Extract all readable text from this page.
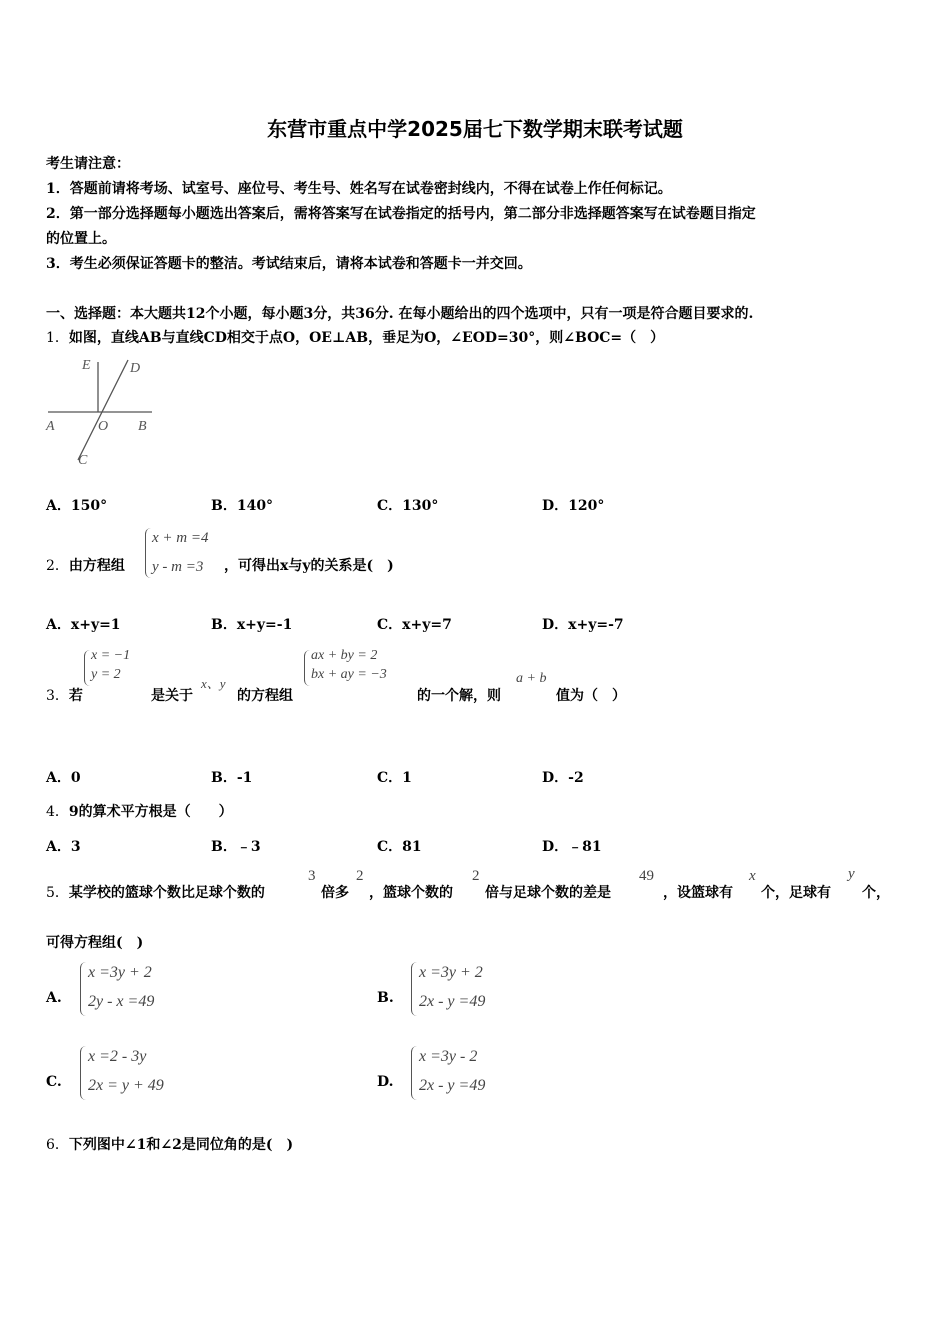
东营市重点中学2025届七下数学期末联考试题
考生请注意：
1．答题前请将考场、试室号、座位号、考生号、姓名写在试卷密封线内，不得在试卷上作任何标记。
2．第一部分选择题每小题选出答案后，需将答案写在试卷指定的括号内，第二部分非选择题答案写在试卷题目指定
的位置上。
3．考生必须保证答题卡的整洁。考试结束后，请将本试卷和答题卡一并交回。
一、选择题：本大题共12个小题，每小题3分，共36分. 在每小题给出的四个选项中，只有一项是符合题目要求的.
1．如图，直线AB与直线CD相交于点O，OE⊥AB，垂足为O，∠EOD=30°，则∠BOC=（　）
E	D
A	O B
C
A．150°	B．140°	C．130°	D．120°
2．由方程组
x + m =4
y - m =3 ，可得出x与y的关系是(　)
A．x+y=1	B．x+y=-1	C．x+y=7	D．x+y=-7
3．若
x = −1
y = 2
是关于
x、y
的方程组
ax + by = 2
bx + ay = −3
的一个解，则
a + b
值为（　）
A．0	B．-1	C．1	D．-2
4．9的算术平方根是（　　）
A．3	B．﹣3	C．81	D．﹣81
5．某学校的篮球个数比足球个数的
3
倍多
2
，篮球个数的
2
倍与足球个数的差是
49
，设篮球有
x
个，足球有
y
个，
可得方程组(　)
A.
x =3y + 2
2y - x =49	B.
x =3y + 2
2x - y =49
C.
x =2 - 3y
2x = y + 49	D.
x =3y - 2
2x - y =49
6．下列图中∠1和∠2是同位角的是(　)
